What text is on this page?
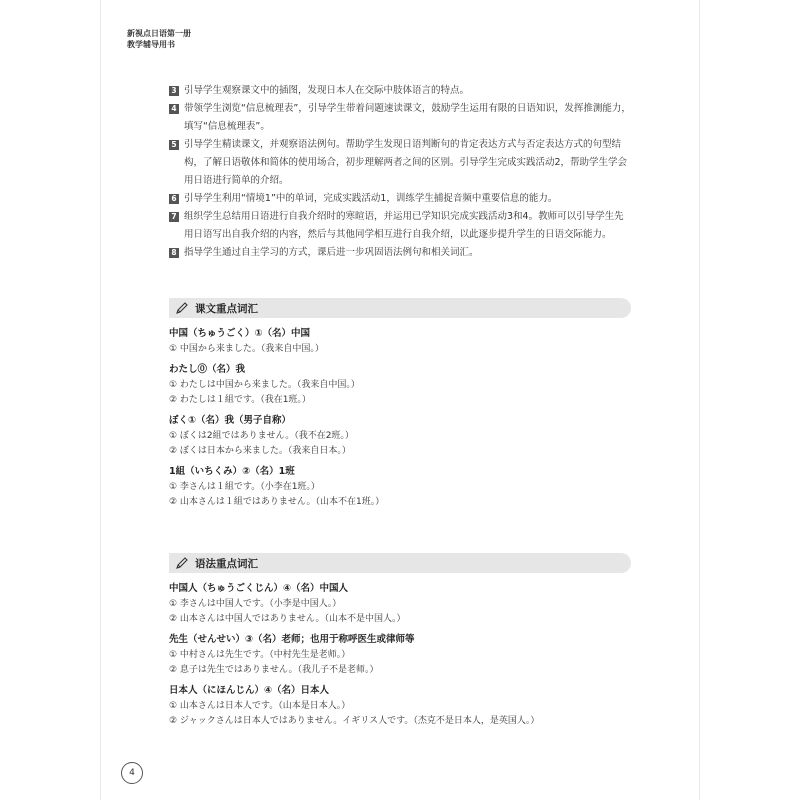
新視点日语第一册
教学辅导用书
3 引导学生观察课文中的插图，发现日本人在交际中肢体语言的特点。
4 带领学生浏览“信息梳理表”，引导学生带着问题速读课文，鼓励学生运用有限的日语知识，发挥推测能力，填写“信息梳理表”。
5 引导学生精读课文，并观察语法例句。帮助学生发现日语判断句的肯定表达方式与否定表达方式的句型结构，了解日语敬体和简体的使用场合，初步理解两者之间的区别。引导学生完成实践活动2，帮助学生学会用日语进行简单的介绍。
6 引导学生利用“情境1”中的单词，完成实践活动1，训练学生捕捉音频中重要信息的能力。
7 组织学生总结用日语进行自我介绍时的寒暄语，并运用已学知识完成实践活动3和4。教师可以引导学生先用日语写出自我介绍的内容，然后与其他同学相互进行自我介绍，以此逐步提升学生的日语交际能力。
8 指导学生通过自主学习的方式，课后进一步巩固语法例句和相关词汇。
课文重点词汇
中国（ちゅうごく）①（名）中国
① 中国から来ました。（我来自中国。）
わたし⓪（名）我
① わたしは中国から来ました。（我来自中国。）
② わたしは１組です。（我在1班。）
ぼく①（名）我（男子自称）
① ぼくは2組ではありません。（我不在2班。）
② ぼくは日本から来ました。（我来自日本。）
1組（いちくみ）②（名）1班
① 李さんは１組です。（小李在1班。）
② 山本さんは１組ではありません。（山本不在1班。）
语法重点词汇
中国人（ちゅうごくじん）④（名）中国人
① 李さんは中国人です。（小李是中国人。）
② 山本さんは中国人ではありません。（山本不是中国人。）
先生（せんせい）③（名）老师；也用于称呼医生或律师等
① 中村さんは先生です。（中村先生是老师。）
② 息子は先生ではありません。（我儿子不是老师。）
日本人（にほんじん）④（名）日本人
① 山本さんは日本人です。（山本是日本人。）
② ジャックさんは日本人ではありません。イギリス人です。（杰克不是日本人，是英国人。）
4
